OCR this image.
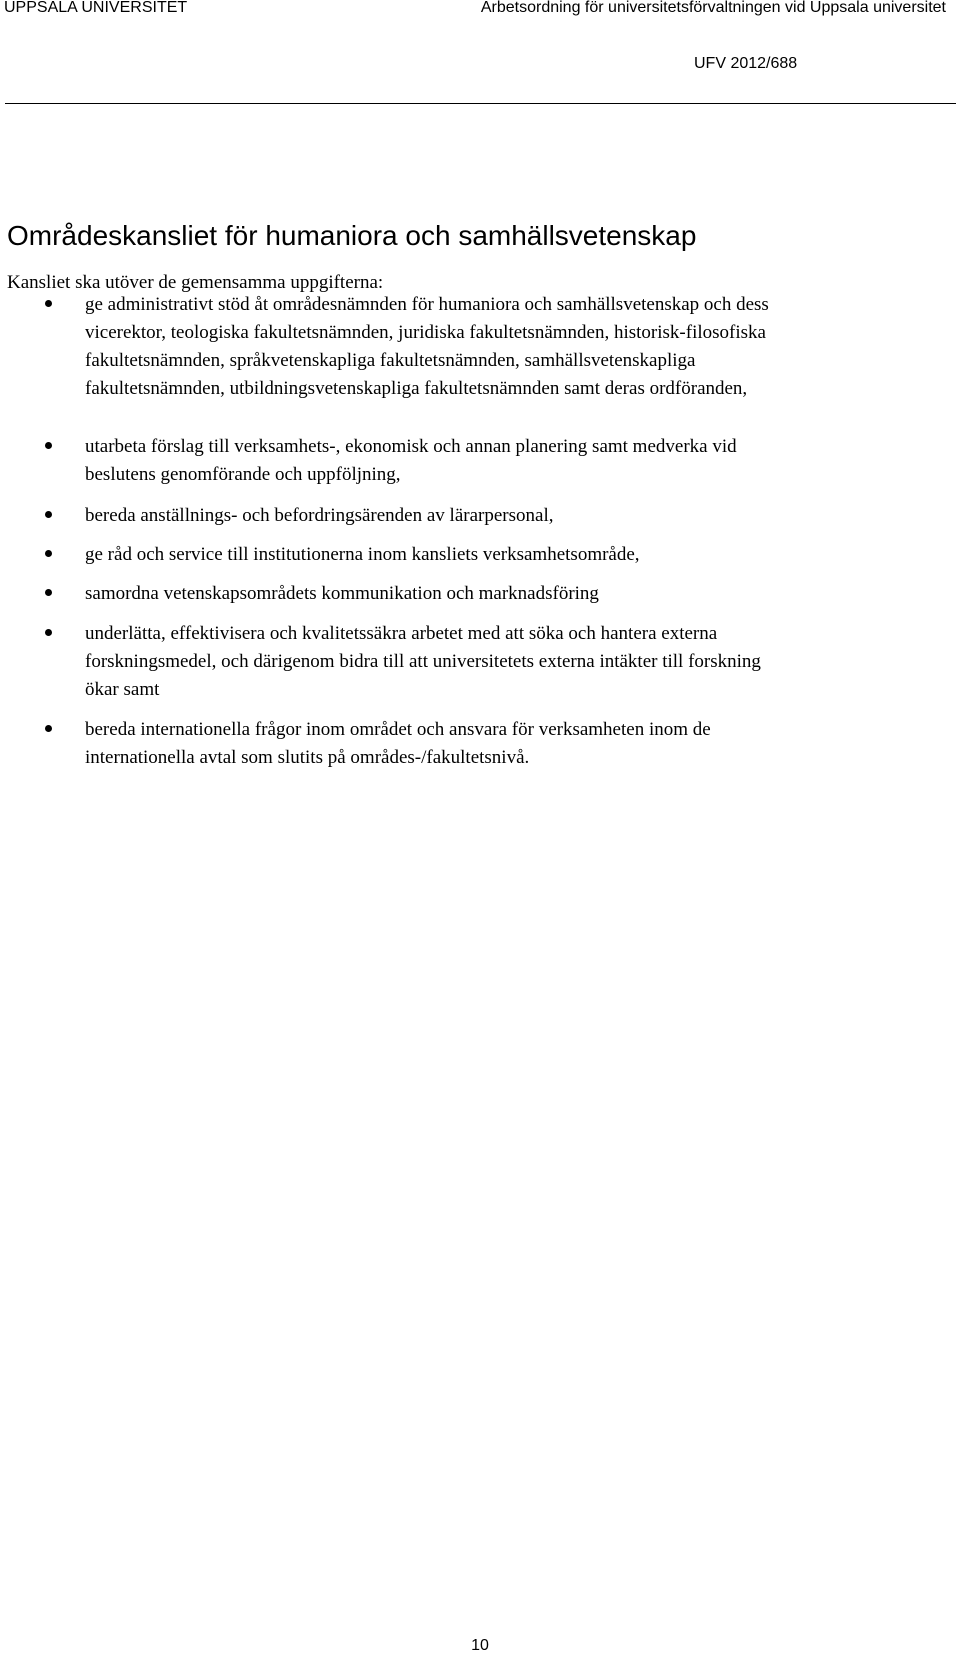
UPPSALA UNIVERSITET	Arbetsordning för universitetsförvaltningen vid Uppsala universitet
UFV 2012/688
Områdeskansliet för humaniora och samhällsvetenskap

Kansliet ska utöver de gemensamma uppgifterna:

ge administrativt stöd åt områdesnämnden för humaniora och samhällsvetenskap och dess
vicerektor, teologiska fakultetsnämnden, juridiska fakultetsnämnden, historisk-filosofiska
fakultetsnämnden, språkvetenskapliga fakultetsnämnden, samhällsvetenskapliga
fakultetsnämnden, utbildningsvetenskapliga fakultetsnämnden samt deras ordföranden,

utarbeta förslag till verksamhets-, ekonomisk och annan planering samt medverka vid
beslutens genomförande och uppföljning,

bereda anställnings- och befordringsärenden av lärarpersonal,

ge råd och service till institutionerna inom kansliets verksamhetsområde,

samordna vetenskapsområdets kommunikation och marknadsföring

underlätta, effektivisera och kvalitetssäkra arbetet med att söka och hantera externa
forskningsmedel, och därigenom bidra till att universitetets externa intäkter till forskning
ökar samt

bereda internationella frågor inom området och ansvara för verksamheten inom de
internationella avtal som slutits på områdes-/fakultetsnivå.

10
